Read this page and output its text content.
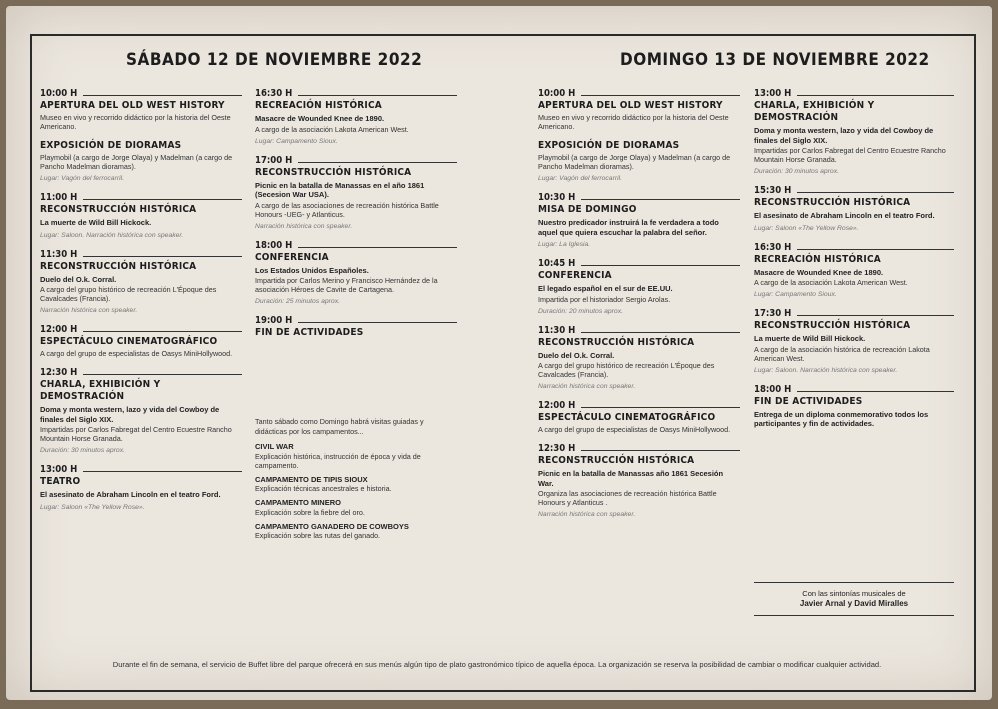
SÁBADO 12 DE NOVIEMBRE 2022	DOMINGO 13 DE NOVIEMBRE 2022
10:00 H
APERTURA DEL OLD WEST HISTORY
Museo en vivo y recorrido didáctico por la historia del Oeste Americano.
EXPOSICIÓN DE DIORAMAS
Playmobil (a cargo de Jorge Olaya) y Madelman (a cargo de Pancho Madelman dioramas).
Lugar: Vagón del ferrocarril.
11:00 H
RECONSTRUCCIÓN HISTÓRICA
La muerte de Wild Bill Hickock.
Lugar: Saloon. Narración histórica con speaker.
11:30 H
RECONSTRUCCIÓN HISTÓRICA
Duelo del O.k. Corral.
A cargo del grupo histórico de recreación L'Époque des Cavalcades (Francia).
Narración histórica con speaker.
12:00 H
ESPECTÁCULO CINEMATOGRÁFICO
A cargo del grupo de especialistas de Oasys MiniHollywood.
12:30 H
CHARLA, EXHIBICIÓN Y DEMOSTRACIÓN
Doma y monta western, lazo y vida del Cowboy de finales del Siglo XIX.
Impartidas por Carlos Fabregat del Centro Ecuestre Rancho Mountain Horse Granada.
Duración: 30 minutos aprox.
13:00 H
TEATRO
El asesinato de Abraham Lincoln en el teatro Ford.
Lugar: Saloon «The Yellow Rose».
16:30 H
RECREACIÓN HISTÓRICA
Masacre de Wounded Knee de 1890.
A cargo de la asociación Lakota American West.
Lugar: Campamento Sioux.
17:00 H
RECONSTRUCCIÓN HISTÓRICA
Picnic en la batalla de Manassas en el año 1861 (Secesion War USA).
A cargo de las asociaciones de recreación histórica Battle Honours -UEG- y Atlanticus.
Narración histórica con speaker.
18:00 H
CONFERENCIA
Los Estados Unidos Españoles.
Impartida por Carlos Merino y Francisco Hernández de la asociación Héroes de Cavite de Cartagena.
Duración: 25 minutos aprox.
19:00 H
FIN DE ACTIVIDADES
Tanto sábado como Domingo habrá visitas guiadas y didácticas por los campamentos...
CIVIL WAR
Explicación histórica, instrucción de época y vida de campamento.
CAMPAMENTO DE TIPIS SIOUX
Explicación técnicas ancestrales e historia.
CAMPAMENTO MINERO
Explicación sobre la fiebre del oro.
CAMPAMENTO GANADERO DE COWBOYS
Explicación sobre las rutas del ganado.
10:00 H
APERTURA DEL OLD WEST HISTORY
Museo en vivo y recorrido didáctico por la historia del Oeste Americano.
EXPOSICIÓN DE DIORAMAS
Playmobil (a cargo de Jorge Olaya) y Madelman (a cargo de Pancho Madelman dioramas).
Lugar: Vagón del ferrocarril.
10:30 H
MISA DE DOMINGO
Nuestro predicador instruirá la fe verdadera a todo aquel que quiera escuchar la palabra del señor.
Lugar: La Iglesia.
10:45 H
CONFERENCIA
El legado español en el sur de EE.UU.
Impartida por el historiador Sergio Arolas.
Duración: 20 minutos aprox.
11:30 H
RECONSTRUCCIÓN HISTÓRICA
Duelo del O.k. Corral.
A cargo del grupo histórico de recreación L'Époque des Cavalcades (Francia).
Narración histórica con speaker.
12:00 H
ESPECTÁCULO CINEMATOGRÁFICO
A cargo del grupo de especialistas de Oasys MiniHollywood.
12:30 H
RECONSTRUCCIÓN HISTÓRICA
Picnic en la batalla de Manassas año 1861 Secesión War.
Organiza las asociaciones de recreación histórica Battle Honours y Atlanticus .
Narración histórica con speaker.
13:00 H
CHARLA, EXHIBICIÓN Y DEMOSTRACIÓN
Doma y monta western, lazo y vida del Cowboy de finales del Siglo XIX.
Impartidas por Carlos Fabregat del Centro Ecuestre Rancho Mountain Horse Granada.
Duración: 30 minutos aprox.
15:30 H
RECONSTRUCCIÓN HISTÓRICA
El asesinato de Abraham Lincoln en el teatro Ford.
Lugar: Saloon «The Yellow Rose».
16:30 H
RECREACIÓN HISTÓRICA
Masacre de Wounded Knee de 1890.
A cargo de la asociación Lakota American West.
Lugar: Campamento Sioux.
17:30 H
RECONSTRUCCIÓN HISTÓRICA
La muerte de Wild Bill Hickock.
A cargo de la asociación histórica de recreación Lakota American West.
Lugar: Saloon. Narración histórica con speaker.
18:00 H
FIN DE ACTIVIDADES
Entrega de un diploma conmemorativo todos los participantes y fin de actividades.
Con las sintonías musicales de
Javier Arnal y David Miralles
Durante el fin de semana, el servicio de Buffet libre del parque ofrecerá en sus menús algún tipo de plato gastronómico típico de aquella época. La organización se reserva la posibilidad de cambiar o modificar cualquier actividad.
